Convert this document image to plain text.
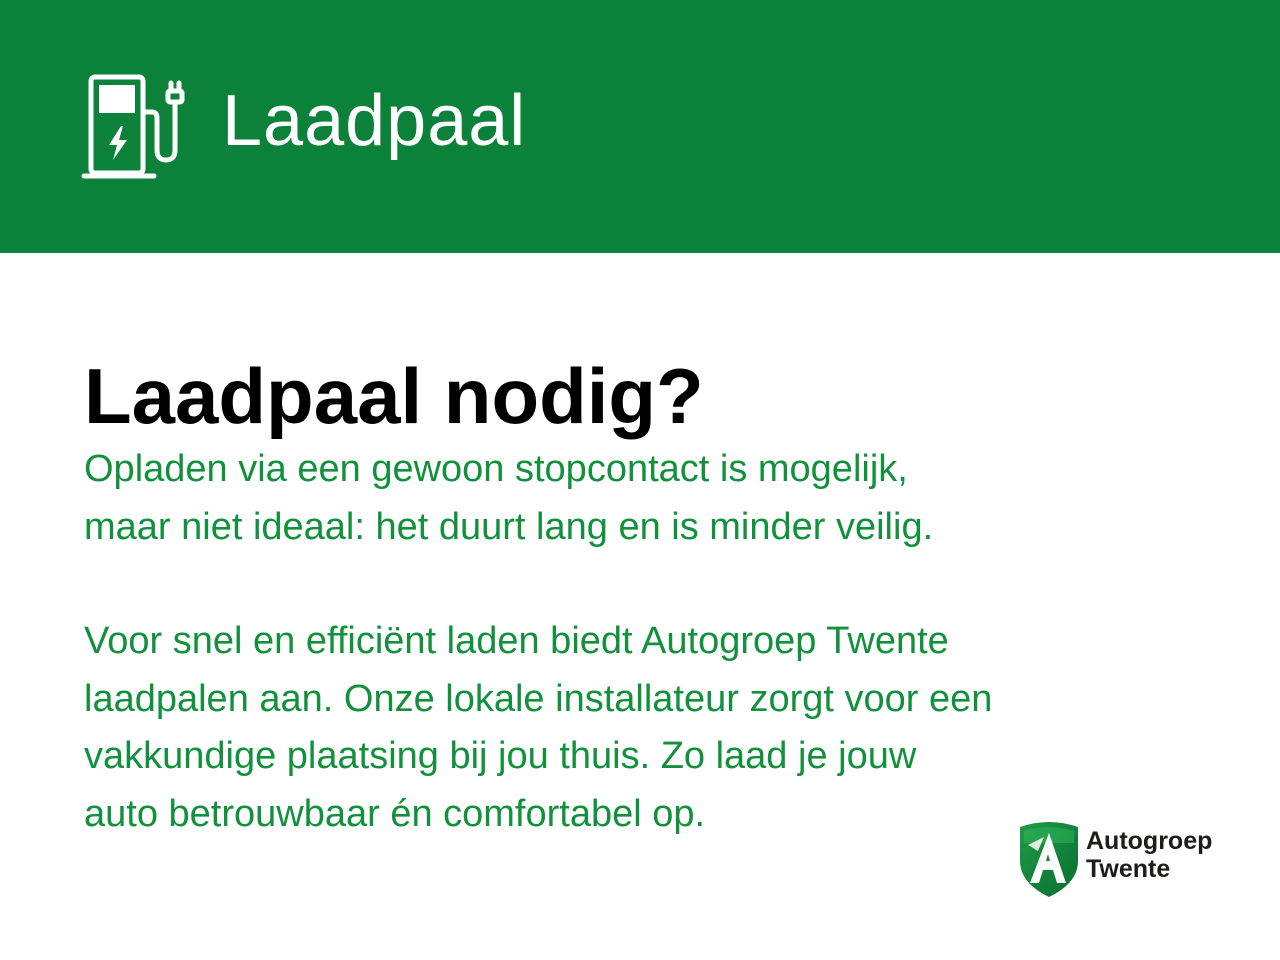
Laadpaal
Laadpaal nodig?

Opladen via een gewoon stopcontact is mogelijk,
maar niet ideaal: het duurt lang en is minder veilig.

Voor snel en efficiënt laden biedt Autogroep Twente
laadpalen aan. Onze lokale installateur zorgt voor een
vakkundige plaatsing bij jou thuis. Zo laad je jouw
auto betrouwbaar én comfortabel op.

Autogroep
Twente
